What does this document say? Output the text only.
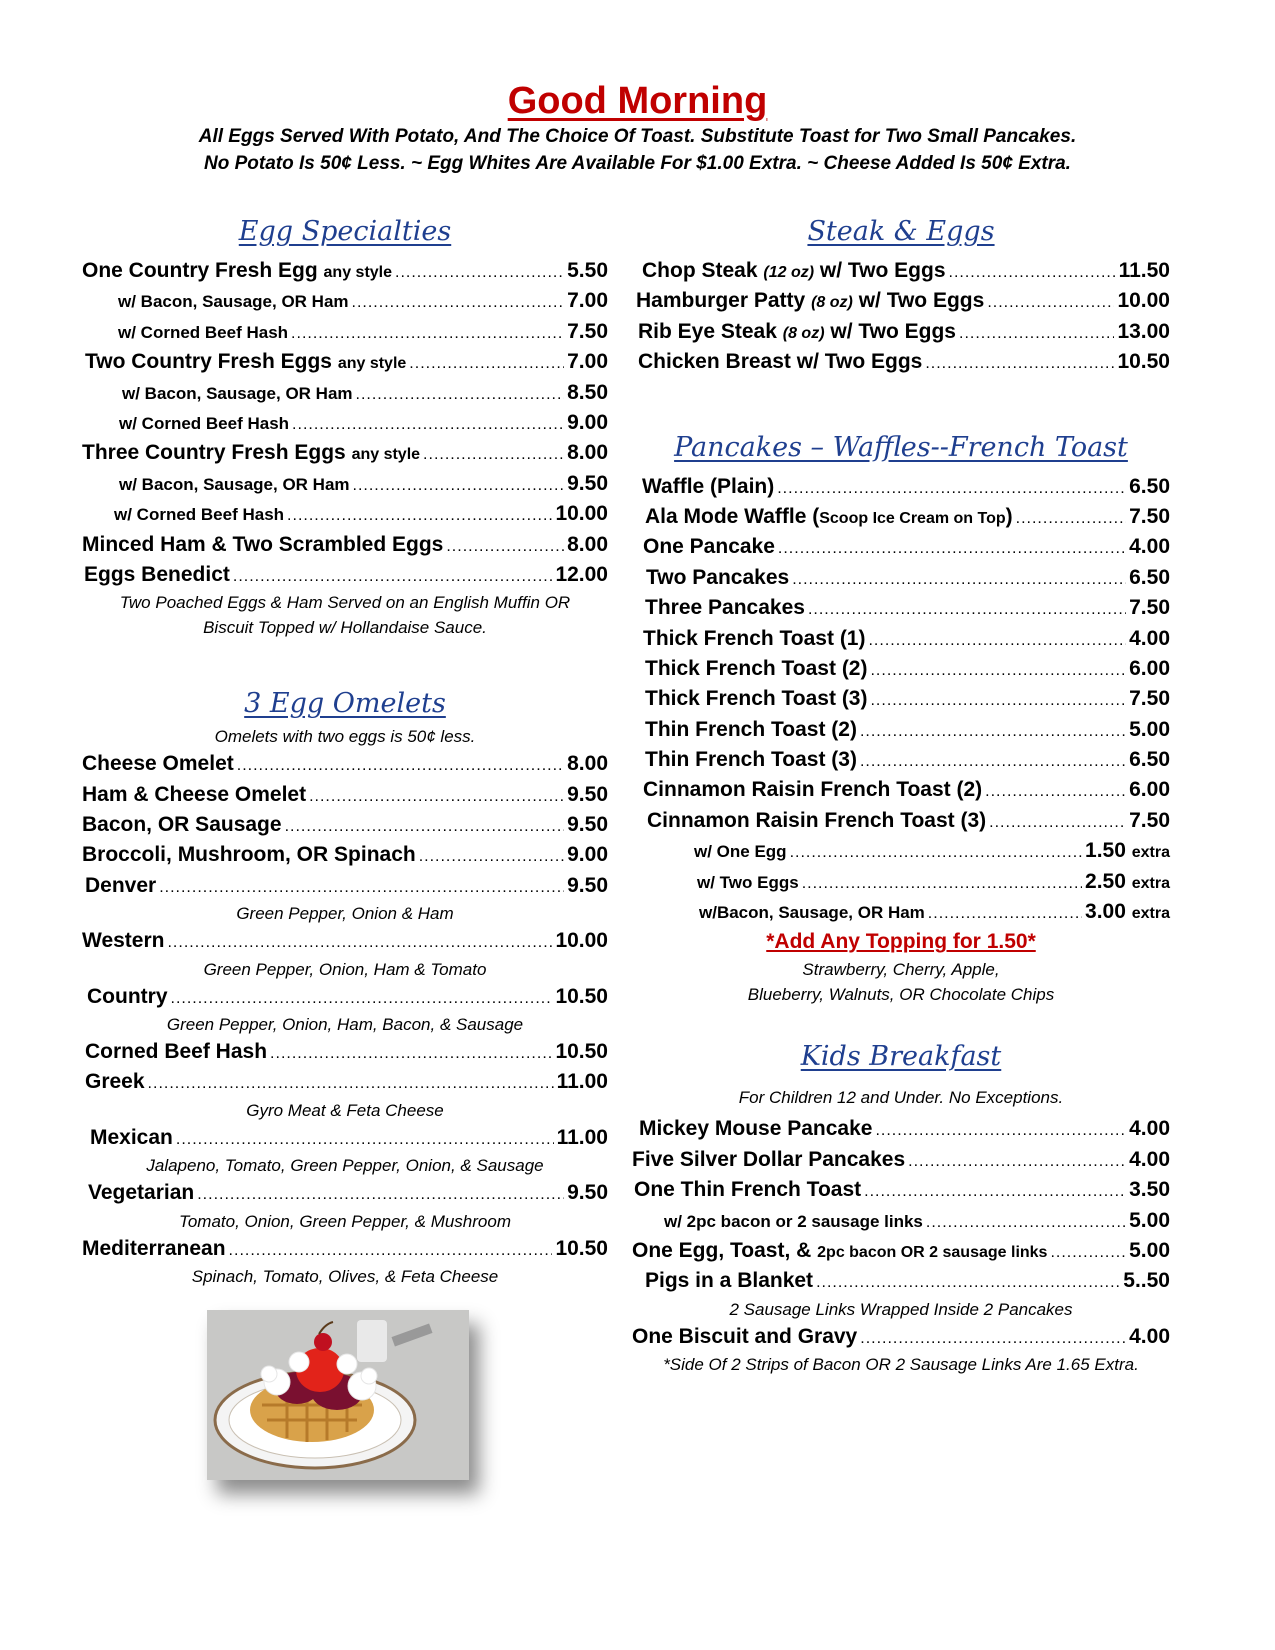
Good Morning
All Eggs Served With Potato, And The Choice Of Toast. Substitute Toast for Two Small Pancakes.
No Potato Is 50¢ Less. ~ Egg Whites Are Available For $1.00 Extra. ~ Cheese Added Is 50¢ Extra.
Egg Specialties
One Country Fresh Egg any style .....	5.50
w/ Bacon, Sausage, OR Ham .....	7.00
w/ Corned Beef Hash .....	7.50
Two Country Fresh Eggs any style .....	7.00
w/ Bacon, Sausage, OR Ham .....	8.50
w/ Corned Beef Hash .....	9.00
Three Country Fresh Eggs any style .....	8.00
w/ Bacon, Sausage, OR Ham .....	9.50
w/ Corned Beef Hash .....	10.00
Minced Ham & Two Scrambled Eggs .....	8.00
Eggs Benedict .....	12.00
Two Poached Eggs & Ham Served on an English Muffin OR
Biscuit Topped w/ Hollandaise Sauce.
3 Egg Omelets
Omelets with two eggs is 50¢ less.
Cheese Omelet .....	8.00
Ham & Cheese Omelet .....	9.50
Bacon, OR Sausage .....	9.50
Broccoli, Mushroom, OR Spinach .....	9.00
Denver .....	9.50
Green Pepper, Onion & Ham
Western .....	10.00
Green Pepper, Onion, Ham & Tomato
Country .....	10.50
Green Pepper, Onion, Ham, Bacon, & Sausage
Corned Beef Hash .....	10.50
Greek .....	11.00
Gyro Meat & Feta Cheese
Mexican .....	11.00
Jalapeno, Tomato, Green Pepper, Onion, & Sausage
Vegetarian .....	9.50
Tomato, Onion, Green Pepper, & Mushroom
Mediterranean .....	10.50
Spinach, Tomato, Olives, & Feta Cheese
Steak & Eggs
Chop Steak (12 oz) w/ Two Eggs .....	11.50
Hamburger Patty (8 oz) w/ Two Eggs .....	10.00
Rib Eye Steak (8 oz) w/ Two Eggs .....	13.00
Chicken Breast w/ Two Eggs .....	10.50
Pancakes – Waffles--French Toast
Waffle (Plain) .....	6.50
Ala Mode Waffle (Scoop Ice Cream on Top) .....	7.50
One Pancake .....	4.00
Two Pancakes .....	6.50
Three Pancakes .....	7.50
Thick French Toast (1) .....	4.00
Thick French Toast (2) .....	6.00
Thick French Toast (3) .....	7.50
Thin French Toast (2) .....	5.00
Thin French Toast (3) .....	6.50
Cinnamon Raisin French Toast (2) .....	6.00
Cinnamon Raisin French Toast (3) .....	7.50
w/ One Egg .....	1.50 extra
w/ Two Eggs .....	2.50 extra
w/Bacon, Sausage, OR Ham .....	3.00 extra
*Add Any Topping for 1.50*
Strawberry, Cherry, Apple,
Blueberry, Walnuts, OR Chocolate Chips
Kids Breakfast
For Children 12 and Under. No Exceptions.
Mickey Mouse Pancake .....	4.00
Five Silver Dollar Pancakes .....	4.00
One Thin French Toast .....	3.50
w/ 2pc bacon or 2 sausage links .....	5.00
One Egg, Toast, & 2pc bacon OR 2 sausage links .....	5.00
Pigs in a Blanket .....	5..50
2 Sausage Links Wrapped Inside 2 Pancakes
One Biscuit and Gravy .....	4.00
*Side Of 2 Strips of Bacon OR 2 Sausage Links Are 1.65 Extra.
